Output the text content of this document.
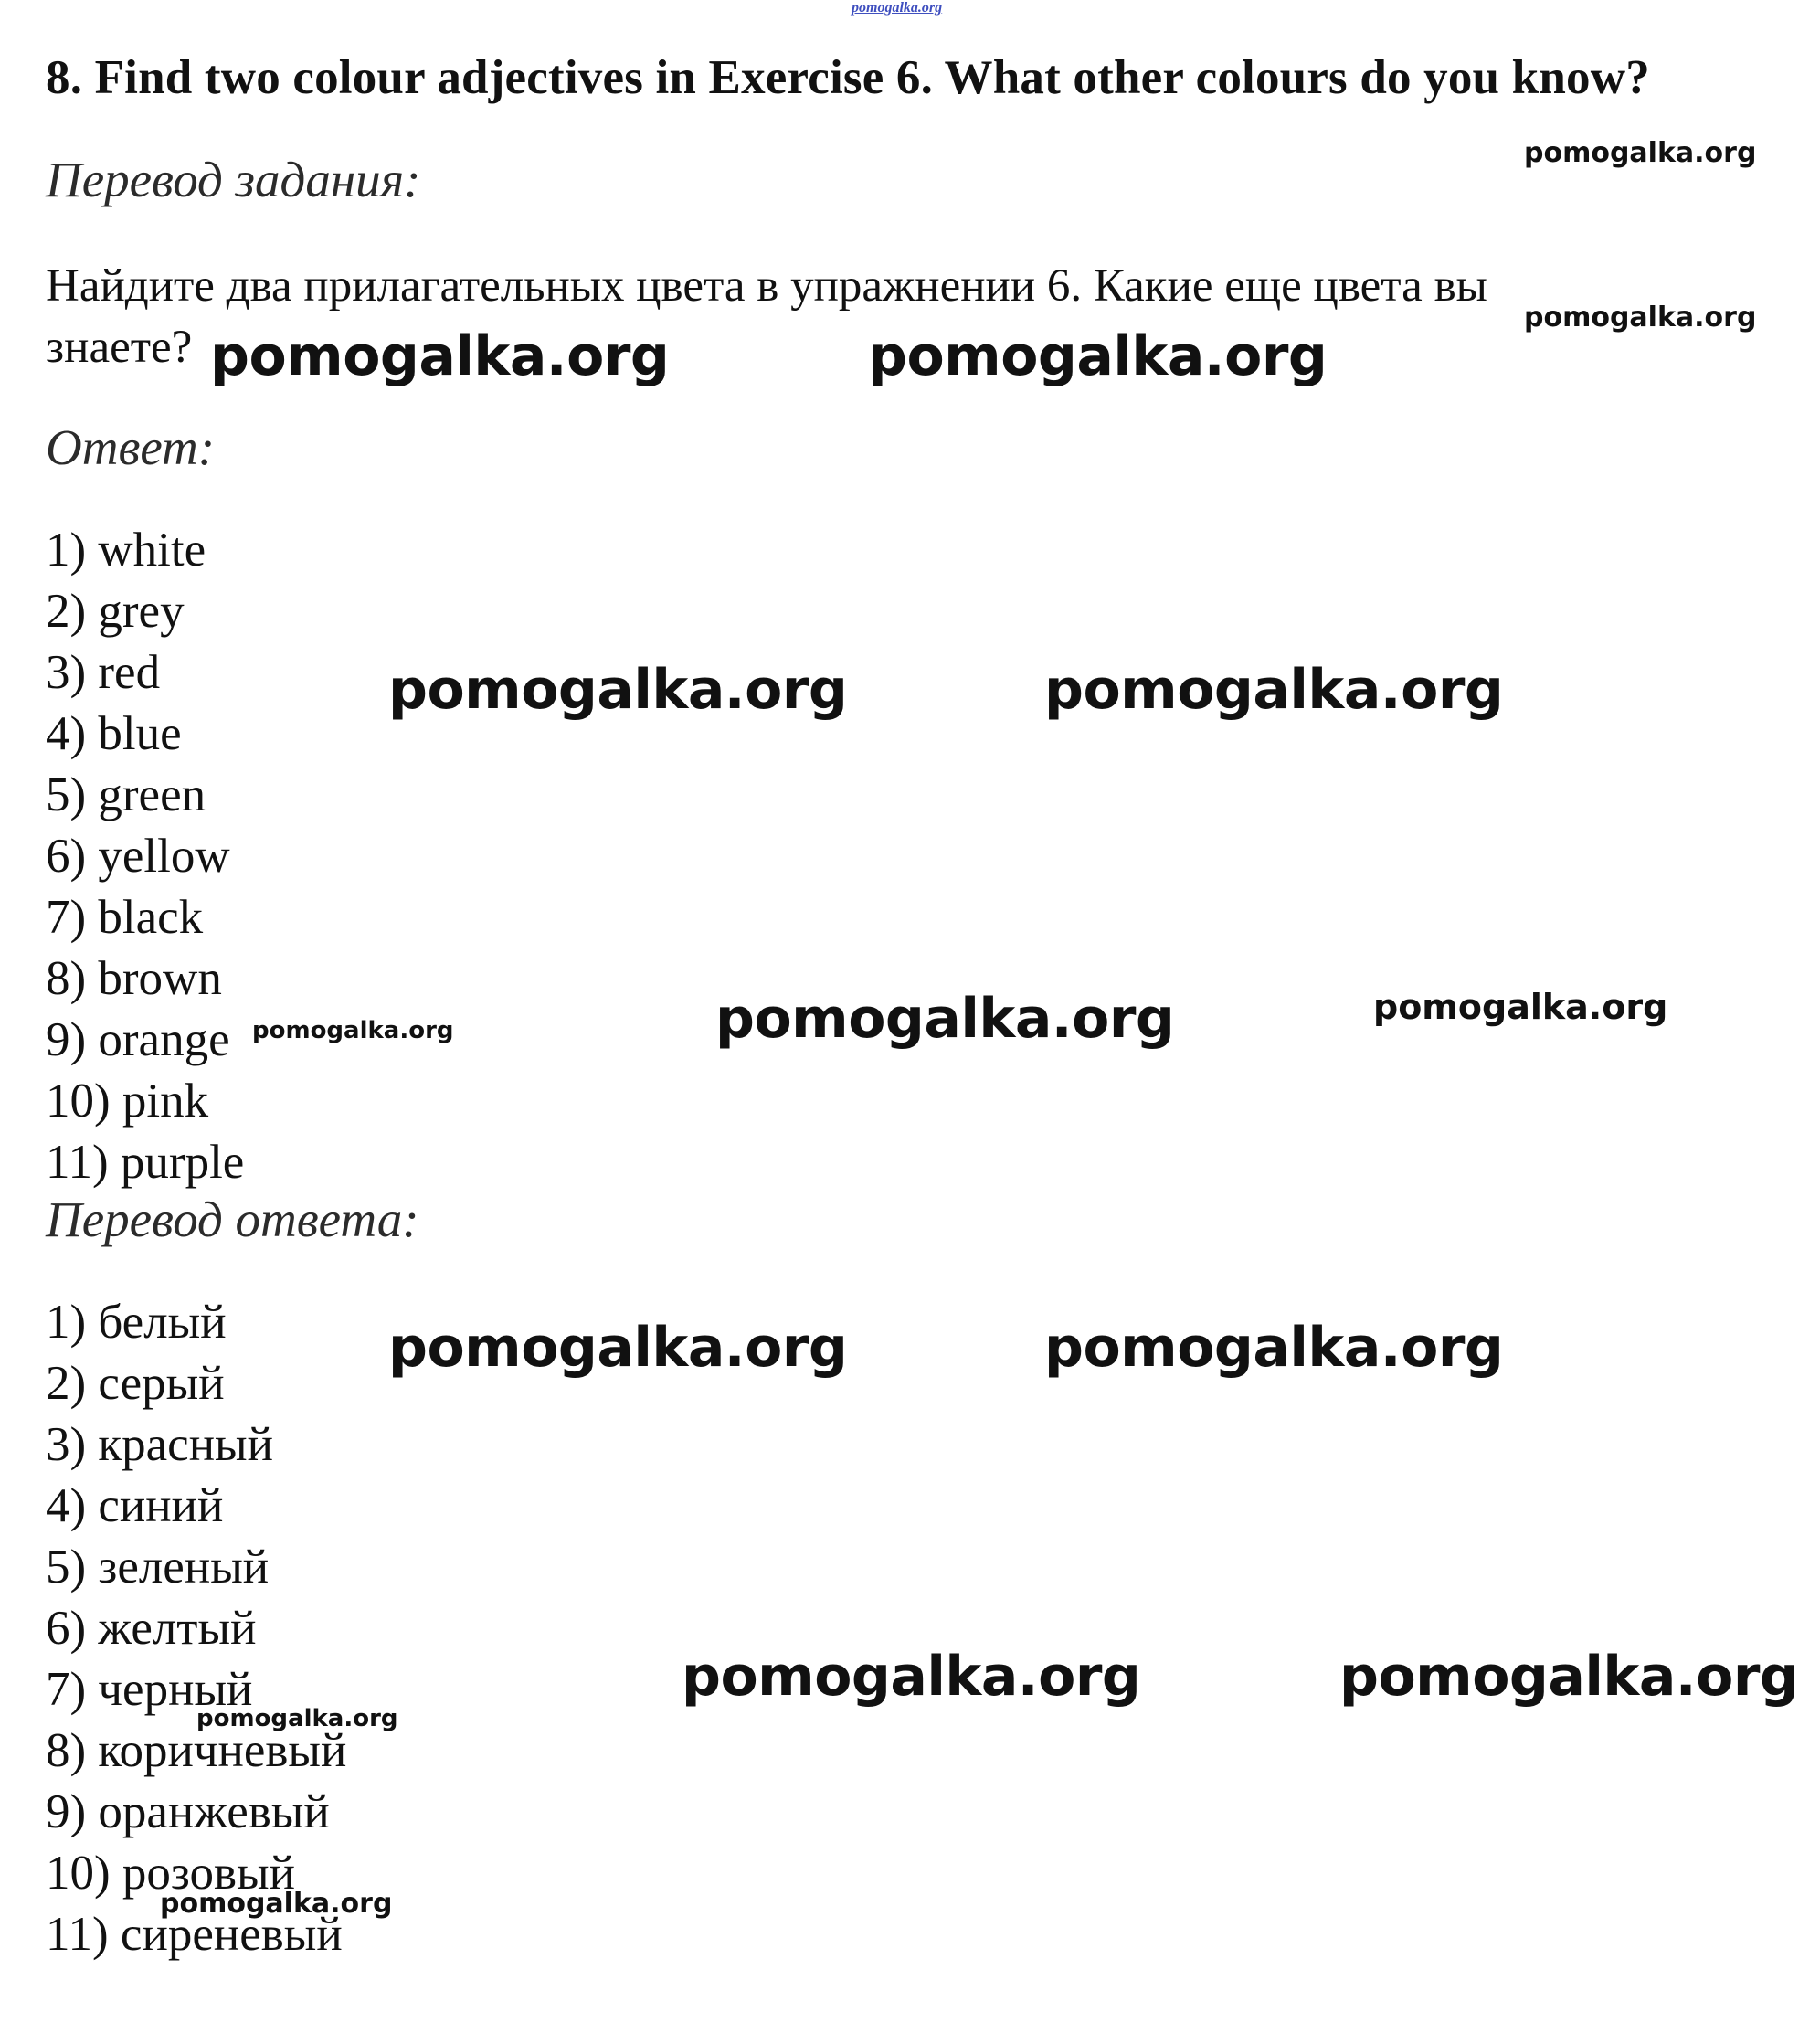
pomogalka.org
8. Find two colour adjectives in Exercise 6. What other colours do you know?
Перевод задания:
Найдите два прилагательных цвета в упражнении 6. Какие еще цвета вы
знаете?
Ответ:
1) white
2) grey
3) red
4) blue
5) green
6) yellow
7) black
8) brown
9) orange
10) pink
11) purple
Перевод ответа:
1) белый
2) серый
3) красный
4) синий
5) зеленый
6) желтый
7) черный
8) коричневый
9) оранжевый
10) розовый
11) сиреневый
pomogalka.org
pomogalka.org
pomogalka.org	pomogalka.org
pomogalka.org	pomogalka.org
pomogalka.org	pomogalka.org
pomogalka.org
pomogalka.org	pomogalka.org
pomogalka.org	pomogalka.org
pomogalka.org
pomogalka.org
